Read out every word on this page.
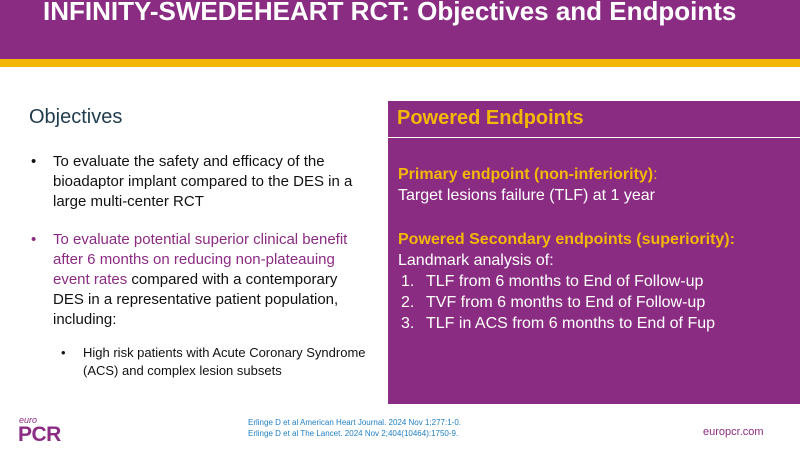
INFINITY-SWEDEHEART RCT: Objectives and Endpoints
Objectives
• To evaluate the safety and efficacy of the bioadaptor implant compared to the DES in a large multi-center RCT
• To evaluate potential superior clinical benefit after 6 months on reducing non-plateauing event rates compared with a contemporary DES in a representative patient population, including:
• High risk patients with Acute Coronary Syndrome (ACS) and complex lesion subsets
Powered Endpoints
Primary endpoint (non-inferiority):
Target lesions failure (TLF) at 1 year
Powered Secondary endpoints (superiority): Landmark analysis of:
1. TLF from 6 months to End of Follow-up
2. TVF from 6 months to End of Follow-up
3. TLF in ACS from 6 months to End of Fup
euro
PCR
Erlinge D et al American Heart Journal. 2024 Nov 1;277:1-0.
Erlinge D et al The Lancet. 2024 Nov 2;404(10464):1750-9.	europcr.com
